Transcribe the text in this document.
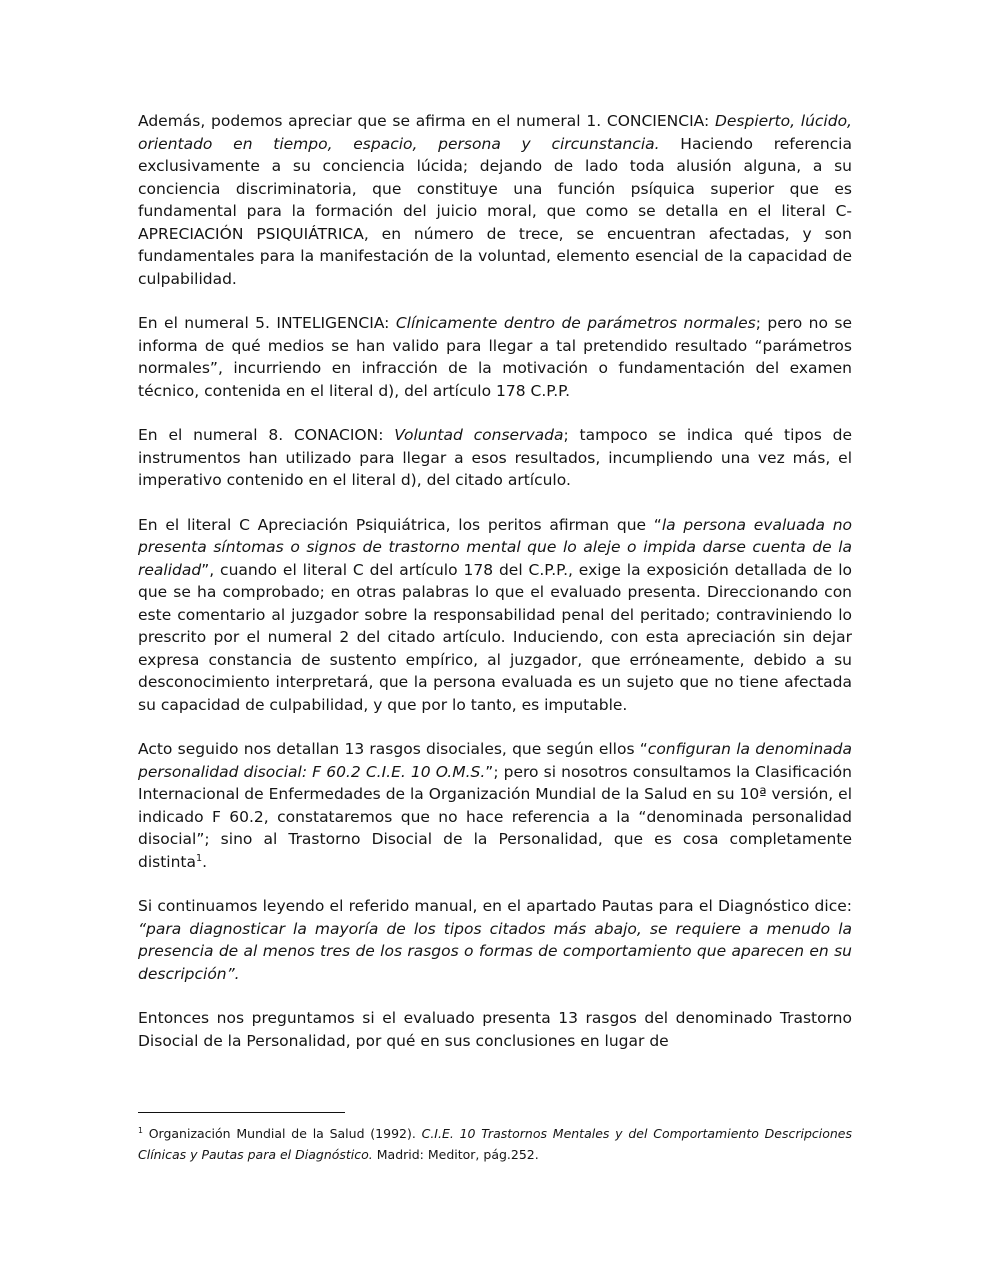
Además, podemos apreciar que se afirma en el numeral 1. CONCIENCIA: Despierto, lúcido, orientado en tiempo, espacio, persona y circunstancia. Haciendo referencia exclusivamente a su conciencia lúcida; dejando de lado toda alusión alguna, a su conciencia discriminatoria, que constituye una función psíquica superior que es fundamental para la formación del juicio moral, que como se detalla en el literal C- APRECIACIÓN PSIQUIÁTRICA, en número de trece, se encuentran afectadas, y son fundamentales para la manifestación de la voluntad, elemento esencial de la capacidad de culpabilidad.

En el numeral 5. INTELIGENCIA: Clínicamente dentro de parámetros normales; pero no se informa de qué medios se han valido para llegar a tal pretendido resultado “parámetros normales”, incurriendo en infracción de la motivación o fundamentación del examen técnico, contenida en el literal d), del artículo 178 C.P.P.

En el numeral 8. CONACION: Voluntad conservada; tampoco se indica qué tipos de instrumentos han utilizado para llegar a esos resultados, incumpliendo una vez más, el imperativo contenido en el literal d), del citado artículo.

En el literal C Apreciación Psiquiátrica, los peritos afirman que “la persona evaluada no presenta síntomas o signos de trastorno mental que lo aleje o impida darse cuenta de la realidad”, cuando el literal C del artículo 178 del C.P.P., exige la exposición detallada de lo que se ha comprobado; en otras palabras lo que el evaluado presenta. Direccionando con este comentario al juzgador sobre la responsabilidad penal del peritado; contraviniendo lo prescrito por el numeral 2 del citado artículo. Induciendo, con esta apreciación sin dejar expresa constancia de sustento empírico, al juzgador, que erróneamente, debido a su desconocimiento interpretará, que la persona evaluada es un sujeto que no tiene afectada su capacidad de culpabilidad, y que por lo tanto, es imputable.

Acto seguido nos detallan 13 rasgos disociales, que según ellos “configuran la denominada personalidad disocial: F 60.2 C.I.E. 10 O.M.S.”; pero si nosotros consultamos la Clasificación Internacional de Enfermedades de la Organización Mundial de la Salud en su 10ª versión, el indicado F 60.2, constataremos que no hace referencia a la “denominada personalidad disocial”; sino al Trastorno Disocial de la Personalidad, que es cosa completamente distinta$^1$.

Si continuamos leyendo el referido manual, en el apartado Pautas para el Diagnóstico dice: “para diagnosticar la mayoría de los tipos citados más abajo, se requiere a menudo la presencia de al menos tres de los rasgos o formas de comportamiento que aparecen en su descripción”.

Entonces nos preguntamos si el evaluado presenta 13 rasgos del denominado Trastorno Disocial de la Personalidad, por qué en sus conclusiones en lugar de

$^1$ Organización Mundial de la Salud (1992). C.I.E. 10 Trastornos Mentales y del Comportamiento Descripciones Clínicas y Pautas para el Diagnóstico. Madrid: Meditor, pág.252.
